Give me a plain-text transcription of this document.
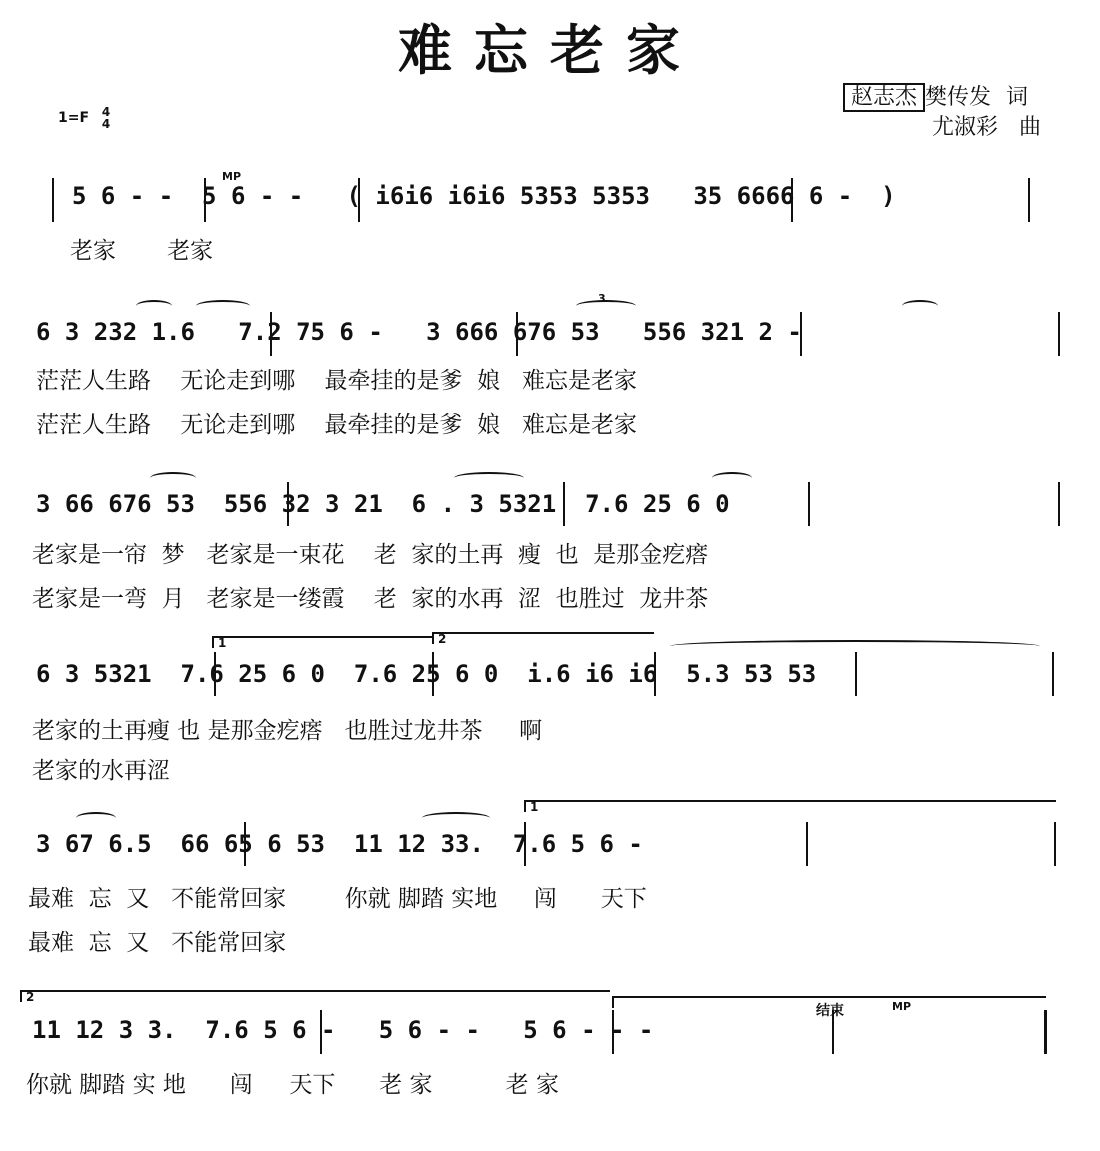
难忘老家
赵志杰 樊传发 词
尤淑彩 曲
1=F 4
4
MP
5 6 - -  5 6 - -   ( i6i6 i6i6 5353 5353   35 6666 6 -  )
老家       老家
3
6 3 232 1.6   7.2 75 6 -   3 666 676 53   556 321 2 -
茫茫人生路    无论走到哪    最牵挂的是爹  娘   难忘是老家
茫茫人生路    无论走到哪    最牵挂的是爹  娘   难忘是老家
3 66 676 53  556 32 3 21  6 . 3 5321  7.6 25 6 0
老家是一帘  梦   老家是一束花    老  家的土再  瘦  也  是那金疙瘩
老家是一弯  月   老家是一缕霞    老  家的水再  涩  也胜过  龙井茶
1	2
6 3 5321  7.6 25 6 0  7.6 25 6 0  i.6 i6 i6  5.3 53 53
老家的土再瘦 也 是那金疙瘩   也胜过龙井茶     啊
老家的水再涩
1
3 67 6.5  66 65 6 53  11 12 33.  7.6 5 6 -
最难  忘  又   不能常回家        你就 脚踏 实地     闯      天下
最难  忘  又   不能常回家
2
结束	MP
11 12 3 3.  7.6 5 6 -   5 6 - -   5 6 - - -
你就 脚踏 实 地      闯     天下      老 家          老 家
